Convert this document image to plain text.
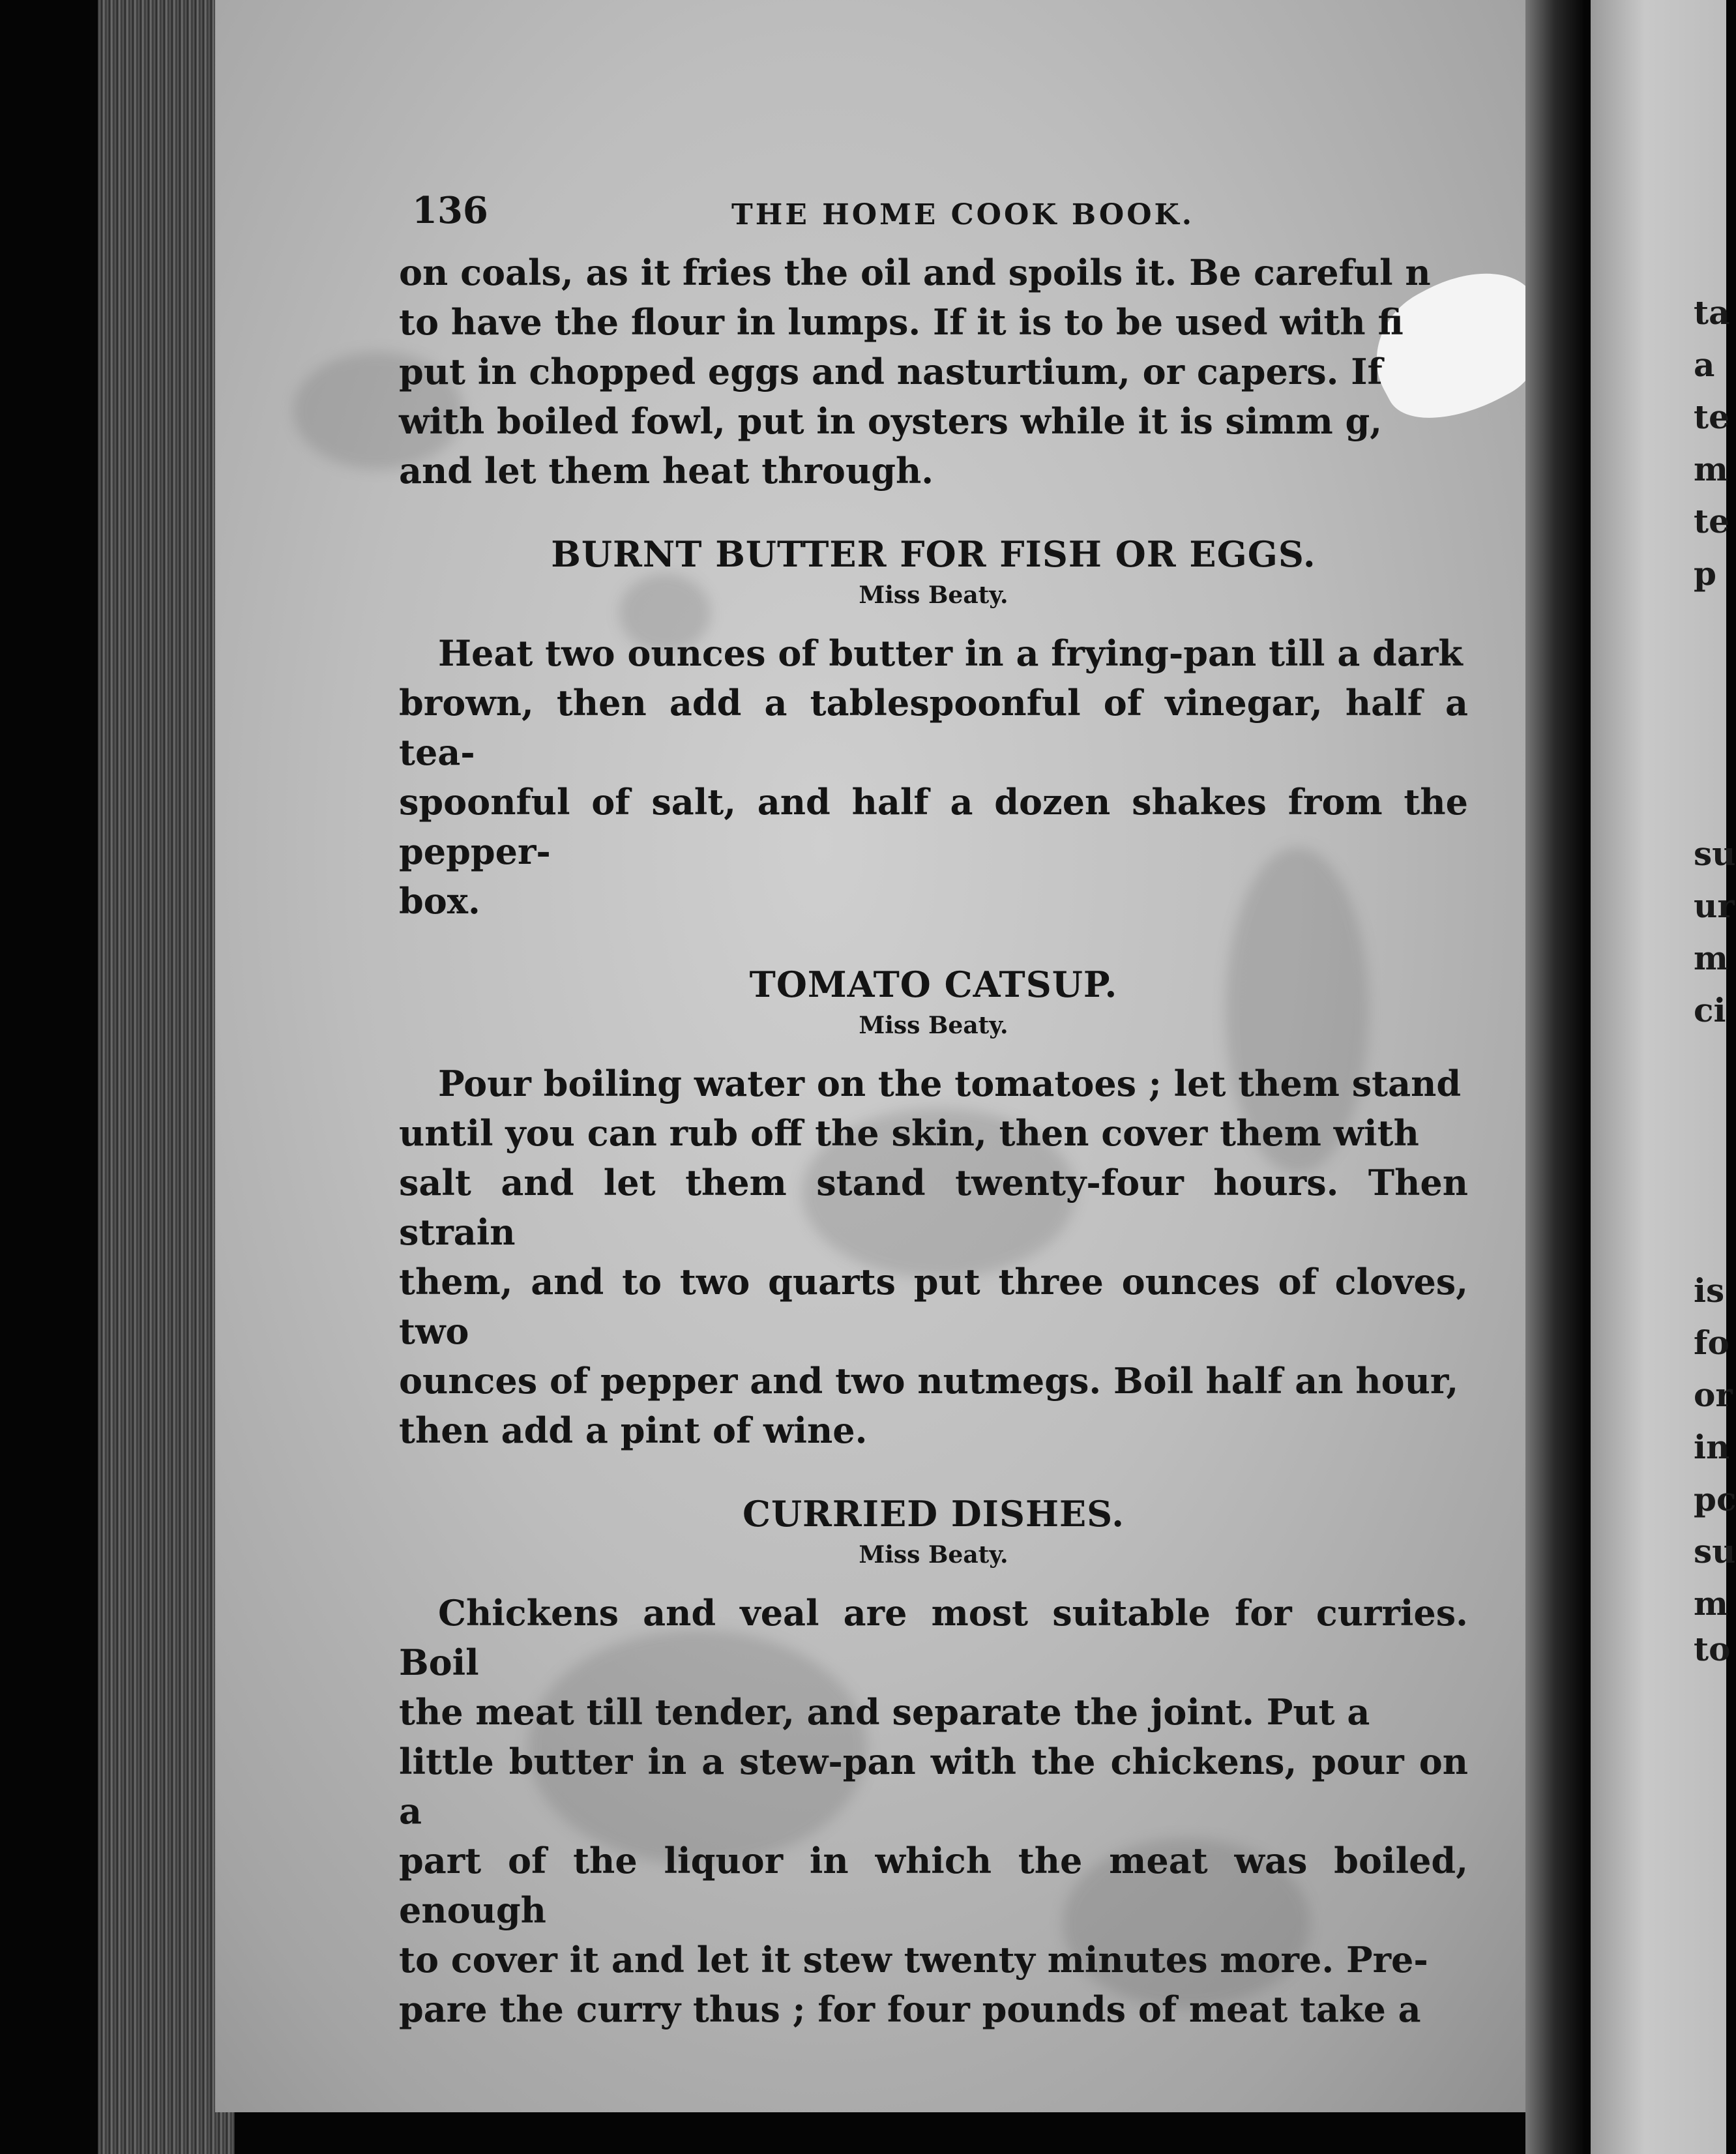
ta
a
te
m
te
p
su
ur
m
ci
is
fo
or
in
pc
su
m
to
136	THE HOME COOK BOOK.
on coals, as it fries the oil and spoils it. Be careful n
to have the flour in lumps. If it is to be used with fi
put in chopped eggs and nasturtium, or capers. If
with boiled fowl, put in oysters while it is simm g,
and let them heat through.
BURNT BUTTER FOR FISH OR EGGS.
Miss Beaty.
Heat two ounces of butter in a frying-pan till a dark
brown, then add a tablespoonful of vinegar, half a tea-
spoonful of salt, and half a dozen shakes from the pepper-
box.
TOMATO CATSUP.
Miss Beaty.
Pour boiling water on the tomatoes ; let them stand
until you can rub off the skin, then cover them with
salt and let them stand twenty-four hours. Then strain
them, and to two quarts put three ounces of cloves, two
ounces of pepper and two nutmegs. Boil half an hour,
then add a pint of wine.
CURRIED DISHES.
Miss Beaty.
Chickens and veal are most suitable for curries. Boil
the meat till tender, and separate the joint. Put a
little butter in a stew-pan with the chickens, pour on a
part of the liquor in which the meat was boiled, enough
to cover it and let it stew twenty minutes more. Pre-
pare the curry thus ; for four pounds of meat take a
